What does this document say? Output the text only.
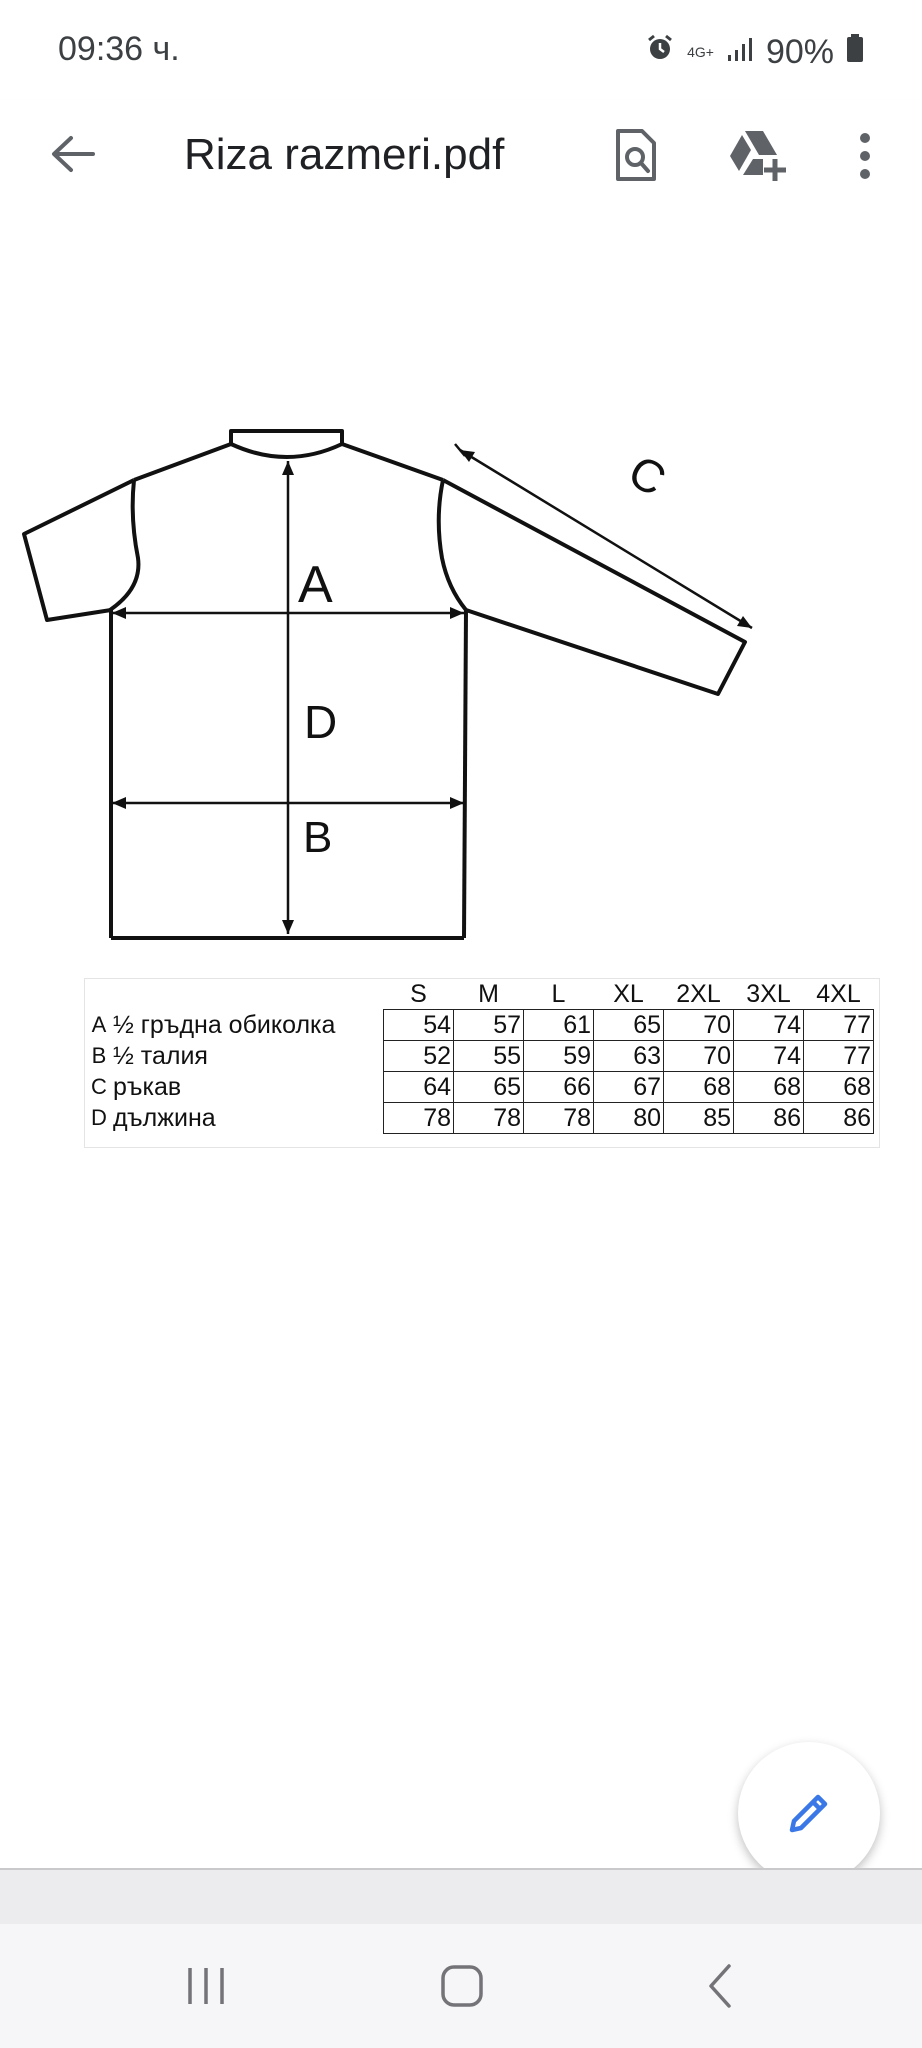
09:36 ч.	4G+ 90%
Riza razmeri.pdf
A
D
B
C
		S	M	L	XL	2XL	3XL	4XL
A	½ гръдна обиколка	54	57	61	65	70	74	77
B	½ талия	52	55	59	63	70	74	77
C	ръкав	64	65	66	67	68	68	68
D	дължина	78	78	78	80	85	86	86
